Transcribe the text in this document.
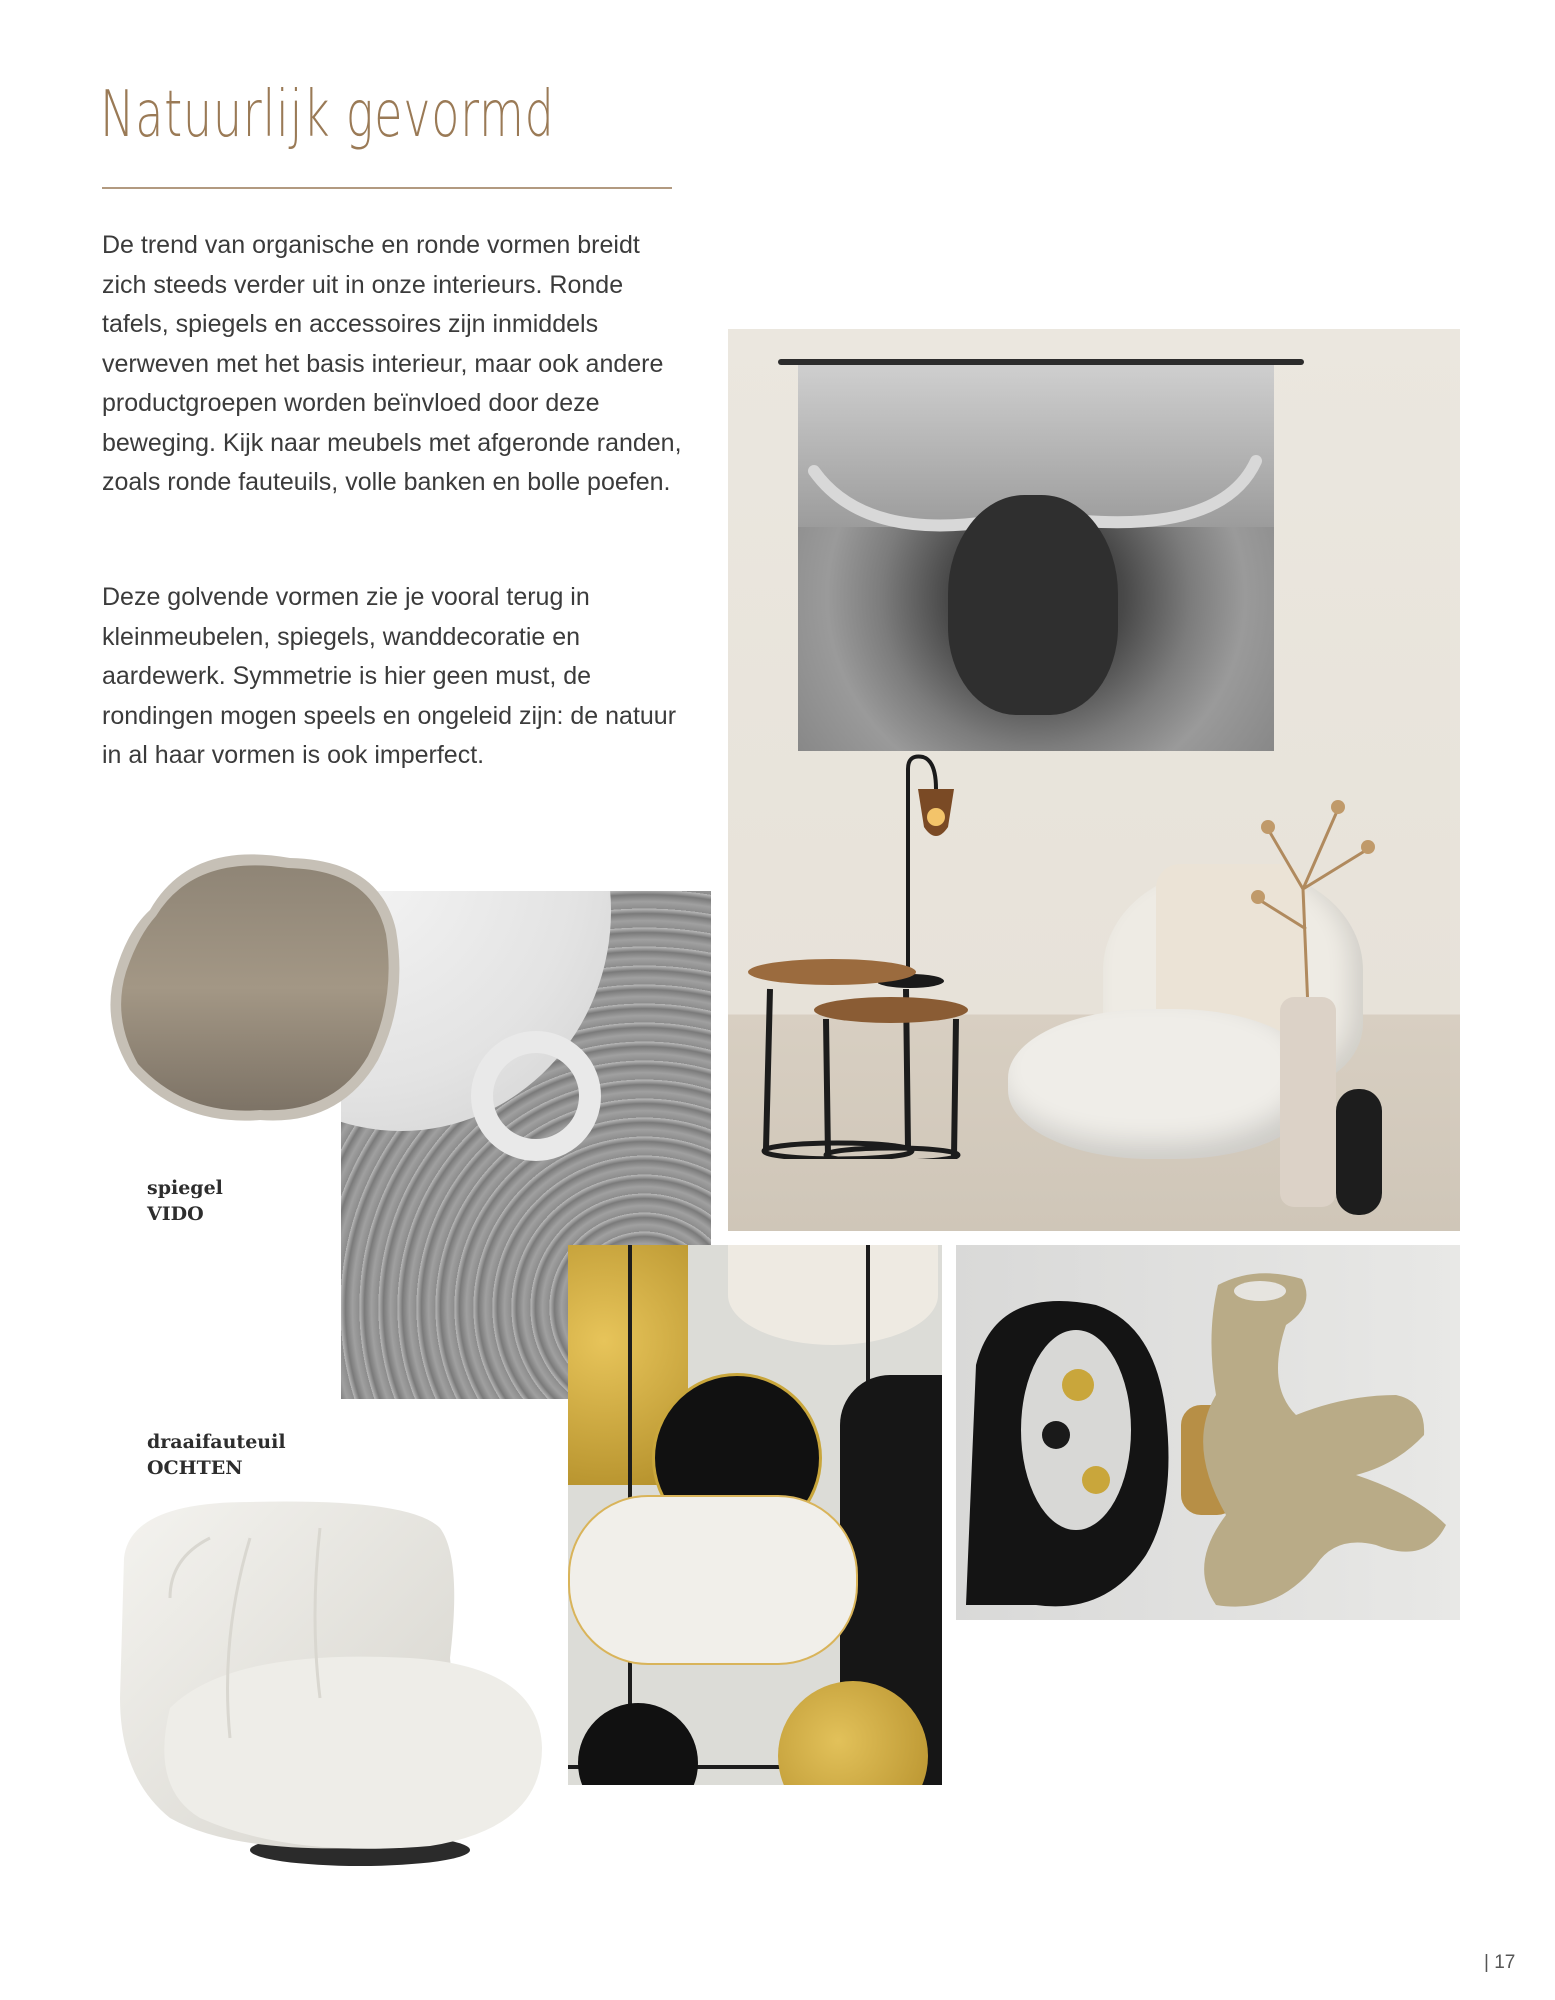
Natuurlijk gevormd

De trend van organische en ronde vormen breidt zich steeds verder uit in onze interieurs. Ronde tafels, spiegels en accessoires zijn inmiddels verweven met het basis interieur, maar ook andere productgroepen worden beïnvloed door deze beweging. Kijk naar meubels met afgeronde randen, zoals ronde fauteuils, volle banken en bolle poefen.

Deze golvende vormen zie je vooral terug in kleinmeubelen, spiegels, wanddecoratie en aardewerk. Symmetrie is hier geen must, de rondingen mogen speels en ongeleid zijn: de natuur in al haar vormen is ook imperfect.

spiegel
VIDO
draaifauteuil
OCHTEN
| 17
